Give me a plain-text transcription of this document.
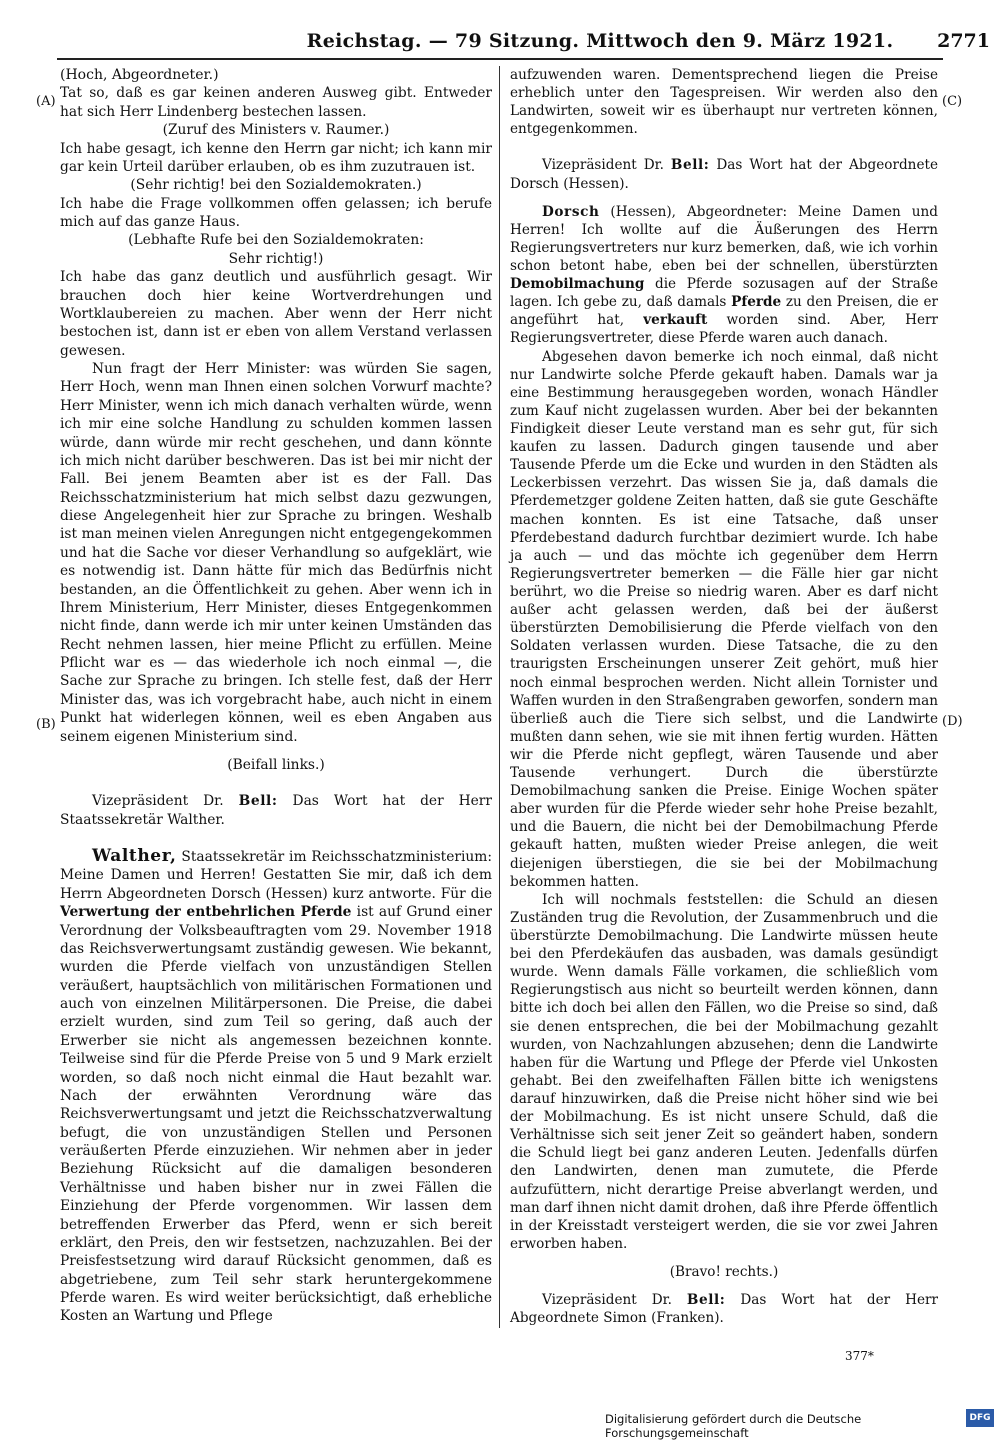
Reichstag. — 79 Sitzung. Mittwoch den 9. März 1921.	2771
(A)
(B)
(C)
(D)

(Hoch, Abgeordneter.)

Tat so, daß es gar keinen anderen Ausweg gibt. Entweder hat sich Herr Lindenberg bestechen lassen.

(Zuruf des Ministers v. Raumer.)

Ich habe gesagt, ich kenne den Herrn gar nicht; ich kann mir gar kein Urteil darüber erlauben, ob es ihm zuzutrauen ist.

(Sehr richtig! bei den Sozialdemokraten.)

Ich habe die Frage vollkommen offen gelassen; ich berufe mich auf das ganze Haus.

(Lebhafte Rufe bei den Sozialdemokraten:

Sehr richtig!)

Ich habe das ganz deutlich und ausführlich gesagt. Wir brauchen doch hier keine Wortverdrehungen und Wortklaubereien zu machen. Aber wenn der Herr nicht bestochen ist, dann ist er eben von allem Verstand verlassen gewesen.

Nun fragt der Herr Minister: was würden Sie sagen, Herr Hoch, wenn man Ihnen einen solchen Vorwurf machte? Herr Minister, wenn ich mich danach verhalten würde, wenn ich mir eine solche Handlung zu schulden kommen lassen würde, dann würde mir recht geschehen, und dann könnte ich mich nicht darüber beschweren. Das ist bei mir nicht der Fall. Bei jenem Beamten aber ist es der Fall. Das Reichsschatzministerium hat mich selbst dazu gezwungen, diese Angelegenheit hier zur Sprache zu bringen. Weshalb ist man meinen vielen Anregungen nicht entgegengekommen und hat die Sache vor dieser Verhandlung so aufgeklärt, wie es notwendig ist. Dann hätte für mich das Bedürfnis nicht bestanden, an die Öffentlichkeit zu gehen. Aber wenn ich in Ihrem Ministerium, Herr Minister, dieses Entgegenkommen nicht finde, dann werde ich mir unter keinen Umständen das Recht nehmen lassen, hier meine Pflicht zu erfüllen. Meine Pflicht war es — das wiederhole ich noch einmal —, die Sache zur Sprache zu bringen. Ich stelle fest, daß der Herr Minister das, was ich vorgebracht habe, auch nicht in einem Punkt hat widerlegen können, weil es eben Angaben aus seinem eigenen Ministerium sind.

(Beifall links.)

Vizepräsident Dr. Bell: Das Wort hat der Herr Staatssekretär Walther.

Walther, Staatssekretär im Reichsschatzministerium: Meine Damen und Herren! Gestatten Sie mir, daß ich dem Herrn Abgeordneten Dorsch (Hessen) kurz antworte. Für die Verwertung der entbehrlichen Pferde ist auf Grund einer Verordnung der Volksbeauftragten vom 29. November 1918 das Reichsverwertungsamt zuständig gewesen. Wie bekannt, wurden die Pferde vielfach von unzuständigen Stellen veräußert, hauptsächlich von militärischen Formationen und auch von einzelnen Militärpersonen. Die Preise, die dabei erzielt wurden, sind zum Teil so gering, daß auch der Erwerber sie nicht als angemessen bezeichnen konnte. Teilweise sind für die Pferde Preise von 5 und 9 Mark erzielt worden, so daß noch nicht einmal die Haut bezahlt war. Nach der erwähnten Verordnung wäre das Reichsverwertungsamt und jetzt die Reichsschatzverwaltung befugt, die von unzuständigen Stellen und Personen veräußerten Pferde einzuziehen. Wir nehmen aber in jeder Beziehung Rücksicht auf die damaligen besonderen Verhältnisse und haben bisher nur in zwei Fällen die Einziehung der Pferde vorgenommen. Wir lassen dem betreffenden Erwerber das Pferd, wenn er sich bereit erklärt, den Preis, den wir festsetzen, nachzuzahlen. Bei der Preisfestsetzung wird darauf Rücksicht genommen, daß es abgetriebene, zum Teil sehr stark heruntergekommene Pferde waren. Es wird weiter berücksichtigt, daß erhebliche Kosten an Wartung und Pflege

aufzuwenden waren. Dementsprechend liegen die Preise erheblich unter den Tagespreisen. Wir werden also den Landwirten, soweit wir es überhaupt nur vertreten können, entgegenkommen.

Vizepräsident Dr. Bell: Das Wort hat der Abgeordnete Dorsch (Hessen).

Dorsch (Hessen), Abgeordneter: Meine Damen und Herren! Ich wollte auf die Äußerungen des Herrn Regierungsvertreters nur kurz bemerken, daß, wie ich vorhin schon betont habe, eben bei der schnellen, überstürzten Demobilmachung die Pferde sozusagen auf der Straße lagen. Ich gebe zu, daß damals Pferde zu den Preisen, die er angeführt hat, verkauft worden sind. Aber, Herr Regierungsvertreter, diese Pferde waren auch danach.

Abgesehen davon bemerke ich noch einmal, daß nicht nur Landwirte solche Pferde gekauft haben. Damals war ja eine Bestimmung herausgegeben worden, wonach Händler zum Kauf nicht zugelassen wurden. Aber bei der bekannten Findigkeit dieser Leute verstand man es sehr gut, für sich kaufen zu lassen. Dadurch gingen tausende und aber Tausende Pferde um die Ecke und wurden in den Städten als Leckerbissen verzehrt. Das wissen Sie ja, daß damals die Pferdemetzger goldene Zeiten hatten, daß sie gute Geschäfte machen konnten. Es ist eine Tatsache, daß unser Pferdebestand dadurch furchtbar dezimiert wurde. Ich habe ja auch — und das möchte ich gegenüber dem Herrn Regierungsvertreter bemerken — die Fälle hier gar nicht berührt, wo die Preise so niedrig waren. Aber es darf nicht außer acht gelassen werden, daß bei der äußerst überstürzten Demobilisierung die Pferde vielfach von den Soldaten verlassen wurden. Diese Tatsache, die zu den traurigsten Erscheinungen unserer Zeit gehört, muß hier noch einmal besprochen werden. Nicht allein Tornister und Waffen wurden in den Straßengraben geworfen, sondern man überließ auch die Tiere sich selbst, und die Landwirte mußten dann sehen, wie sie mit ihnen fertig wurden. Hätten wir die Pferde nicht gepflegt, wären Tausende und aber Tausende verhungert. Durch die überstürzte Demobilmachung sanken die Preise. Einige Wochen später aber wurden für die Pferde wieder sehr hohe Preise bezahlt, und die Bauern, die nicht bei der Demobilmachung Pferde gekauft hatten, mußten wieder Preise anlegen, die weit diejenigen überstiegen, die sie bei der Mobilmachung bekommen hatten.

Ich will nochmals feststellen: die Schuld an diesen Zuständen trug die Revolution, der Zusammenbruch und die überstürzte Demobilmachung. Die Landwirte müssen heute bei den Pferdekäufen das ausbaden, was damals gesündigt wurde. Wenn damals Fälle vorkamen, die schließlich vom Regierungstisch aus nicht so beurteilt werden können, dann bitte ich doch bei allen den Fällen, wo die Preise so sind, daß sie denen entsprechen, die bei der Mobilmachung gezahlt wurden, von Nachzahlungen abzusehen; denn die Landwirte haben für die Wartung und Pflege der Pferde viel Unkosten gehabt. Bei den zweifelhaften Fällen bitte ich wenigstens darauf hinzuwirken, daß die Preise nicht höher sind wie bei der Mobilmachung. Es ist nicht unsere Schuld, daß die Verhältnisse sich seit jener Zeit so geändert haben, sondern die Schuld liegt bei ganz anderen Leuten. Jedenfalls dürfen den Landwirten, denen man zumutete, die Pferde aufzufüttern, nicht derartige Preise abverlangt werden, und man darf ihnen nicht damit drohen, daß ihre Pferde öffentlich in der Kreisstadt versteigert werden, die sie vor zwei Jahren erworben haben.

(Bravo! rechts.)

Vizepräsident Dr. Bell: Das Wort hat der Herr Abgeordnete Simon (Franken).

377*
Digitalisierung gefördert durch die Deutsche Forschungsgemeinschaft
DFG
